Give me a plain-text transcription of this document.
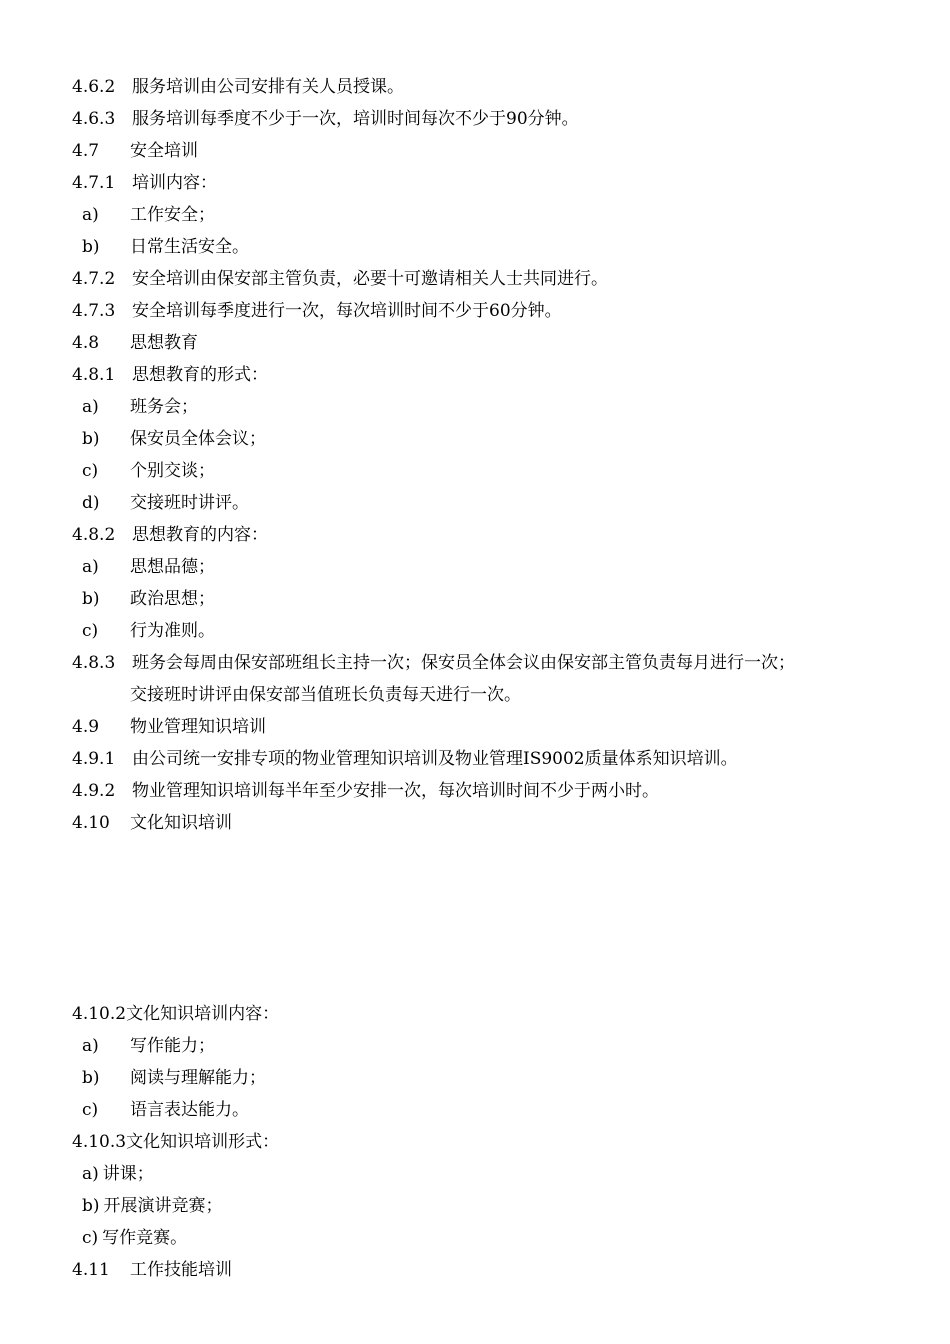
4.6.2 服务培训由公司安排有关人员授课。
4.6.3 服务培训每季度不少于一次，培训时间每次不少于90分钟。
4.7 安全培训
4.7.1 培训内容：
a) 工作安全；
b) 日常生活安全。
4.7.2 安全培训由保安部主管负责，必要十可邀请相关人士共同进行。
4.7.3 安全培训每季度进行一次，每次培训时间不少于60分钟。
4.8 思想教育
4.8.1 思想教育的形式：
a) 班务会；
b) 保安员全体会议；
c) 个别交谈；
d) 交接班时讲评。
4.8.2 思想教育的内容：
a) 思想品德；
b) 政治思想；
c) 行为准则。
4.8.3 班务会每周由保安部班组长主持一次；保安员全体会议由保安部主管负责每月进行一次；
交接班时讲评由保安部当值班长负责每天进行一次。
4.9 物业管理知识培训
4.9.1 由公司统一安排专项的物业管理知识培训及物业管理IS9002质量体系知识培训。
4.9.2 物业管理知识培训每半年至少安排一次，每次培训时间不少于两小时。
4.10 文化知识培训
4.10.2文化知识培训内容：
a) 写作能力；
b) 阅读与理解能力；
c) 语言表达能力。
4.10.3文化知识培训形式：
a) 讲课；
b) 开展演讲竞赛；
c) 写作竞赛。
4.11 工作技能培训
